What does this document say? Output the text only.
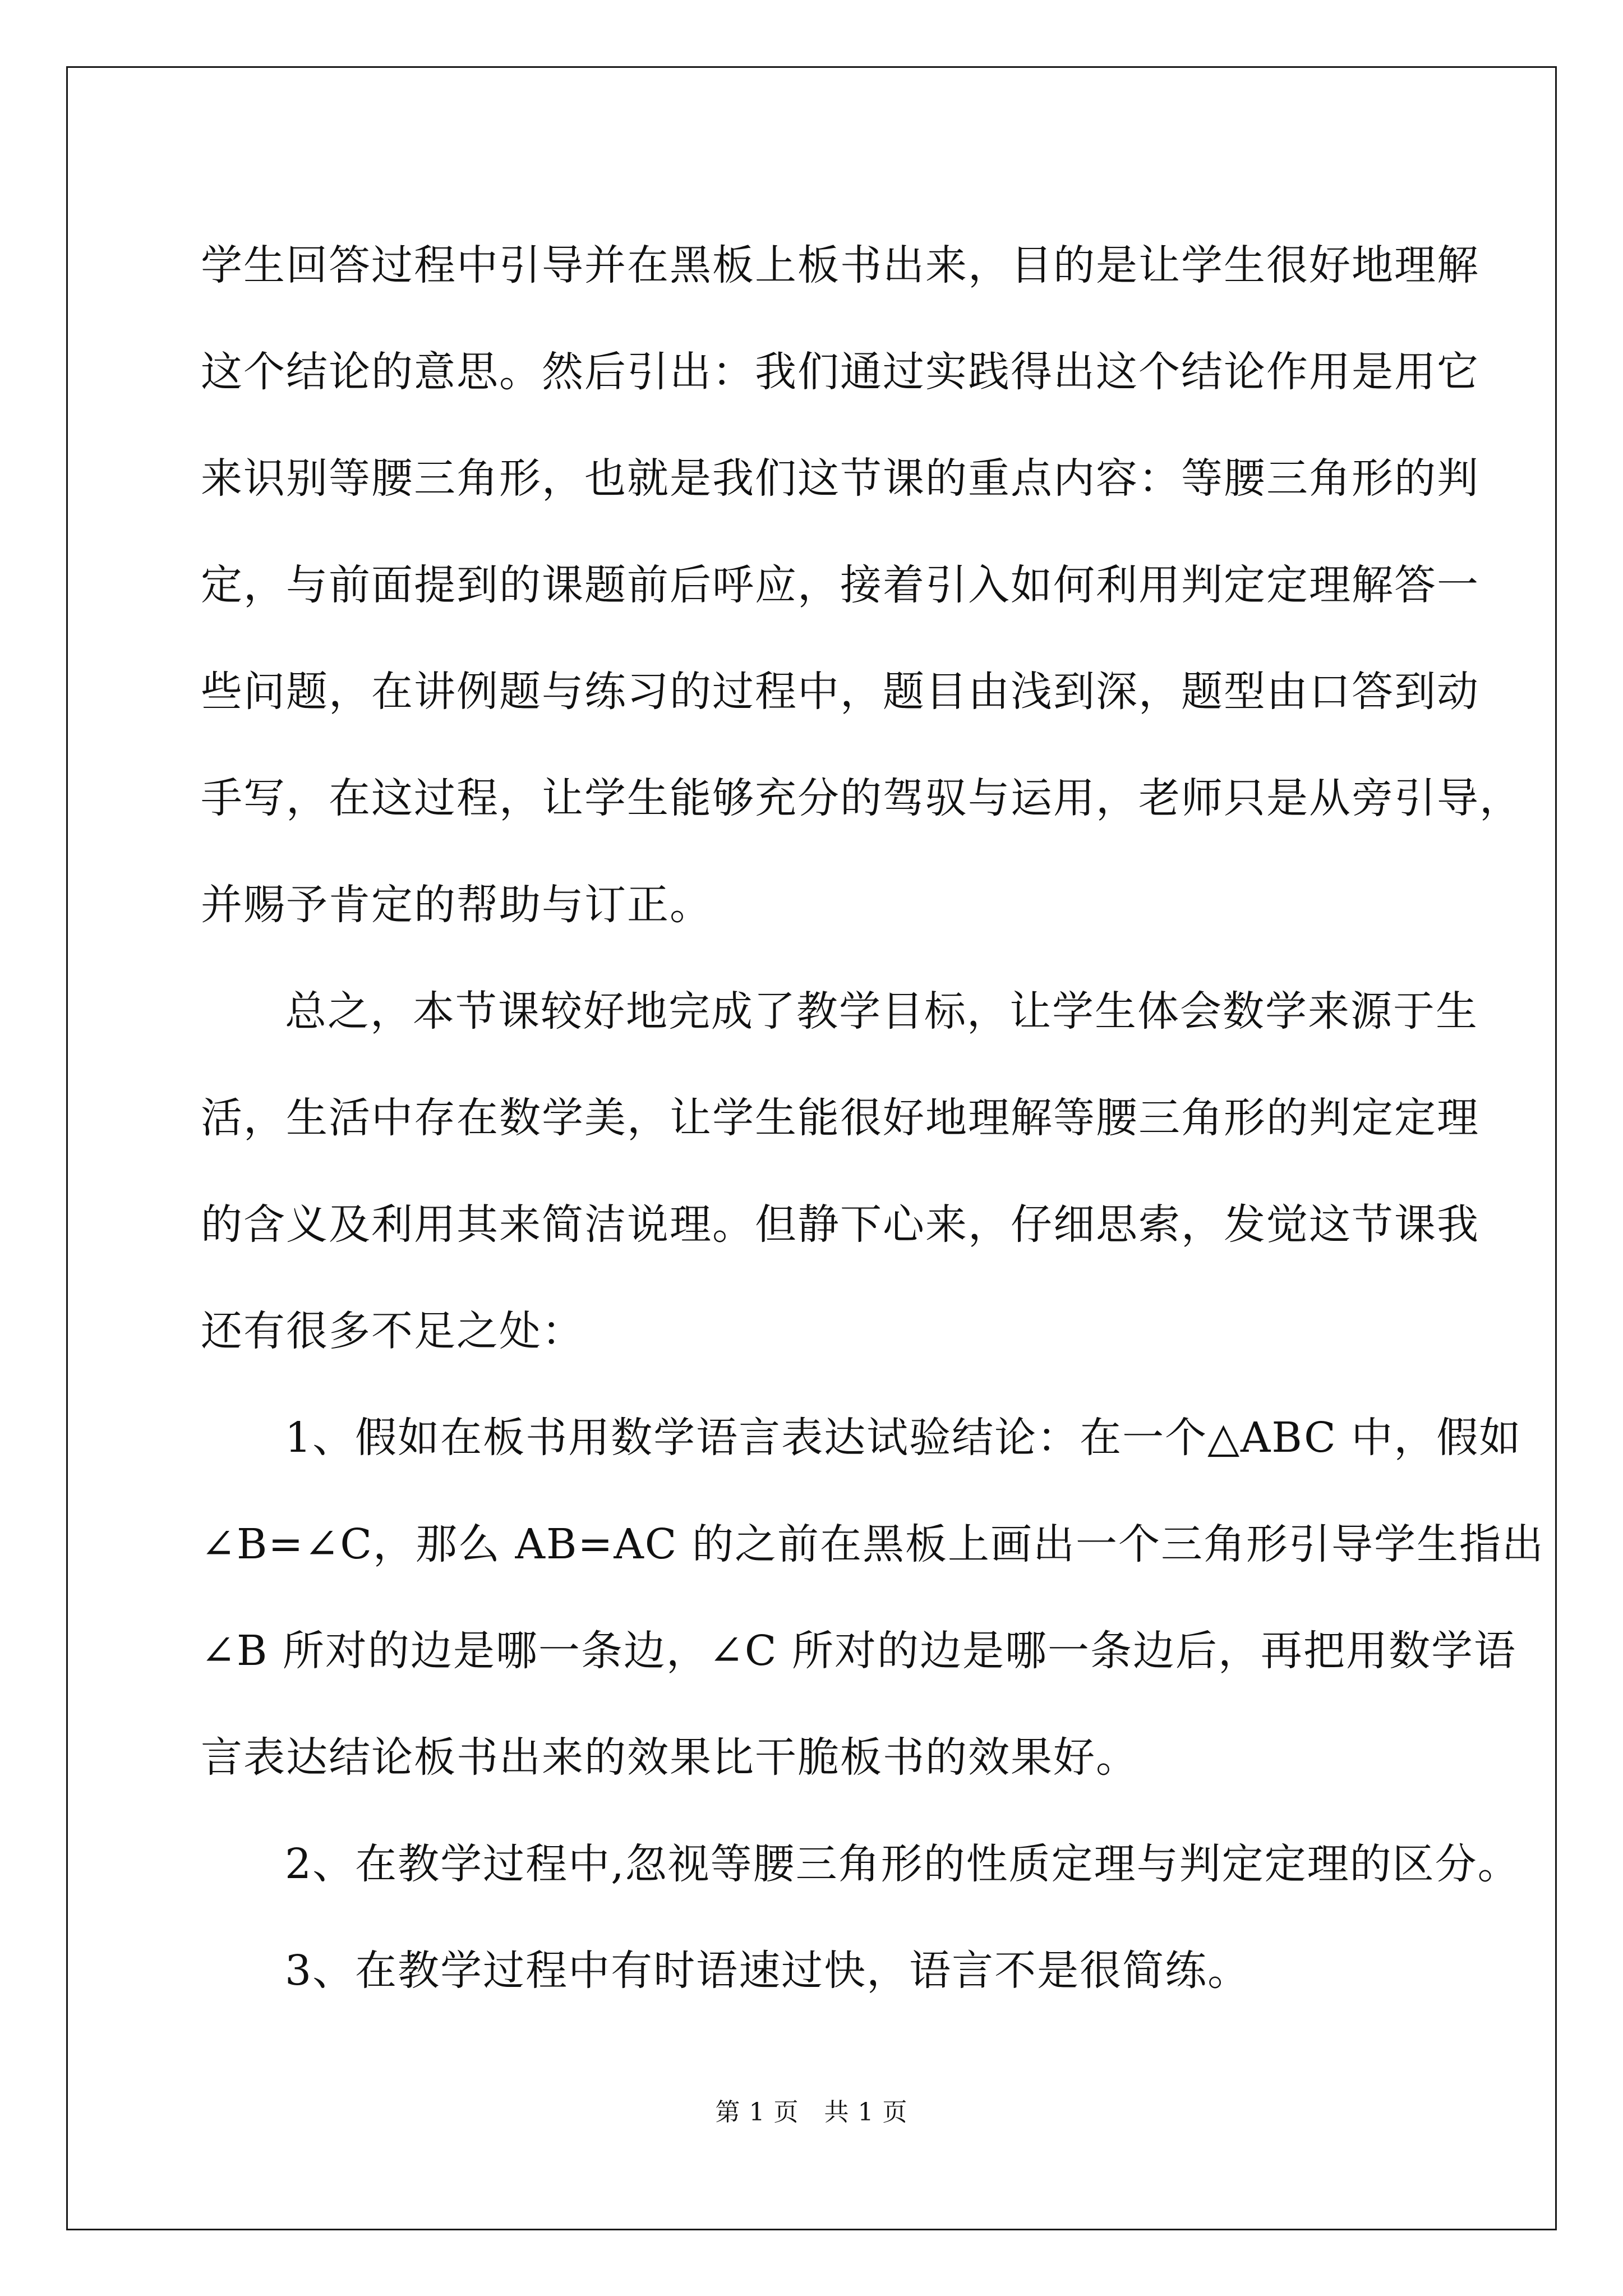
学生回答过程中引导并在黑板上板书出来，目的是让学生很好地理解
这个结论的意思。然后引出：我们通过实践得出这个结论作用是用它
来识别等腰三角形，也就是我们这节课的重点内容：等腰三角形的判
定，与前面提到的课题前后呼应，接着引入如何利用判定定理解答一
些问题，在讲例题与练习的过程中，题目由浅到深，题型由口答到动
手写，在这过程，让学生能够充分的驾驭与运用，老师只是从旁引导，
并赐予肯定的帮助与订正。

总之，本节课较好地完成了教学目标，让学生体会数学来源于生
活，生活中存在数学美，让学生能很好地理解等腰三角形的判定定理
的含义及利用其来简洁说理。但静下心来，仔细思索，发觉这节课我
还有很多不足之处：

1、假如在板书用数学语言表达试验结论：在一个△ABC 中，假如
∠B=∠C，那么 AB=AC 的之前在黑板上画出一个三角形引导学生指出
∠B 所对的边是哪一条边，∠C 所对的边是哪一条边后，再把用数学语
言表达结论板书出来的效果比干脆板书的效果好。

2、在教学过程中,忽视等腰三角形的性质定理与判定定理的区分。

3、在教学过程中有时语速过快，语言不是很简练。

第 1 页　共 1 页
